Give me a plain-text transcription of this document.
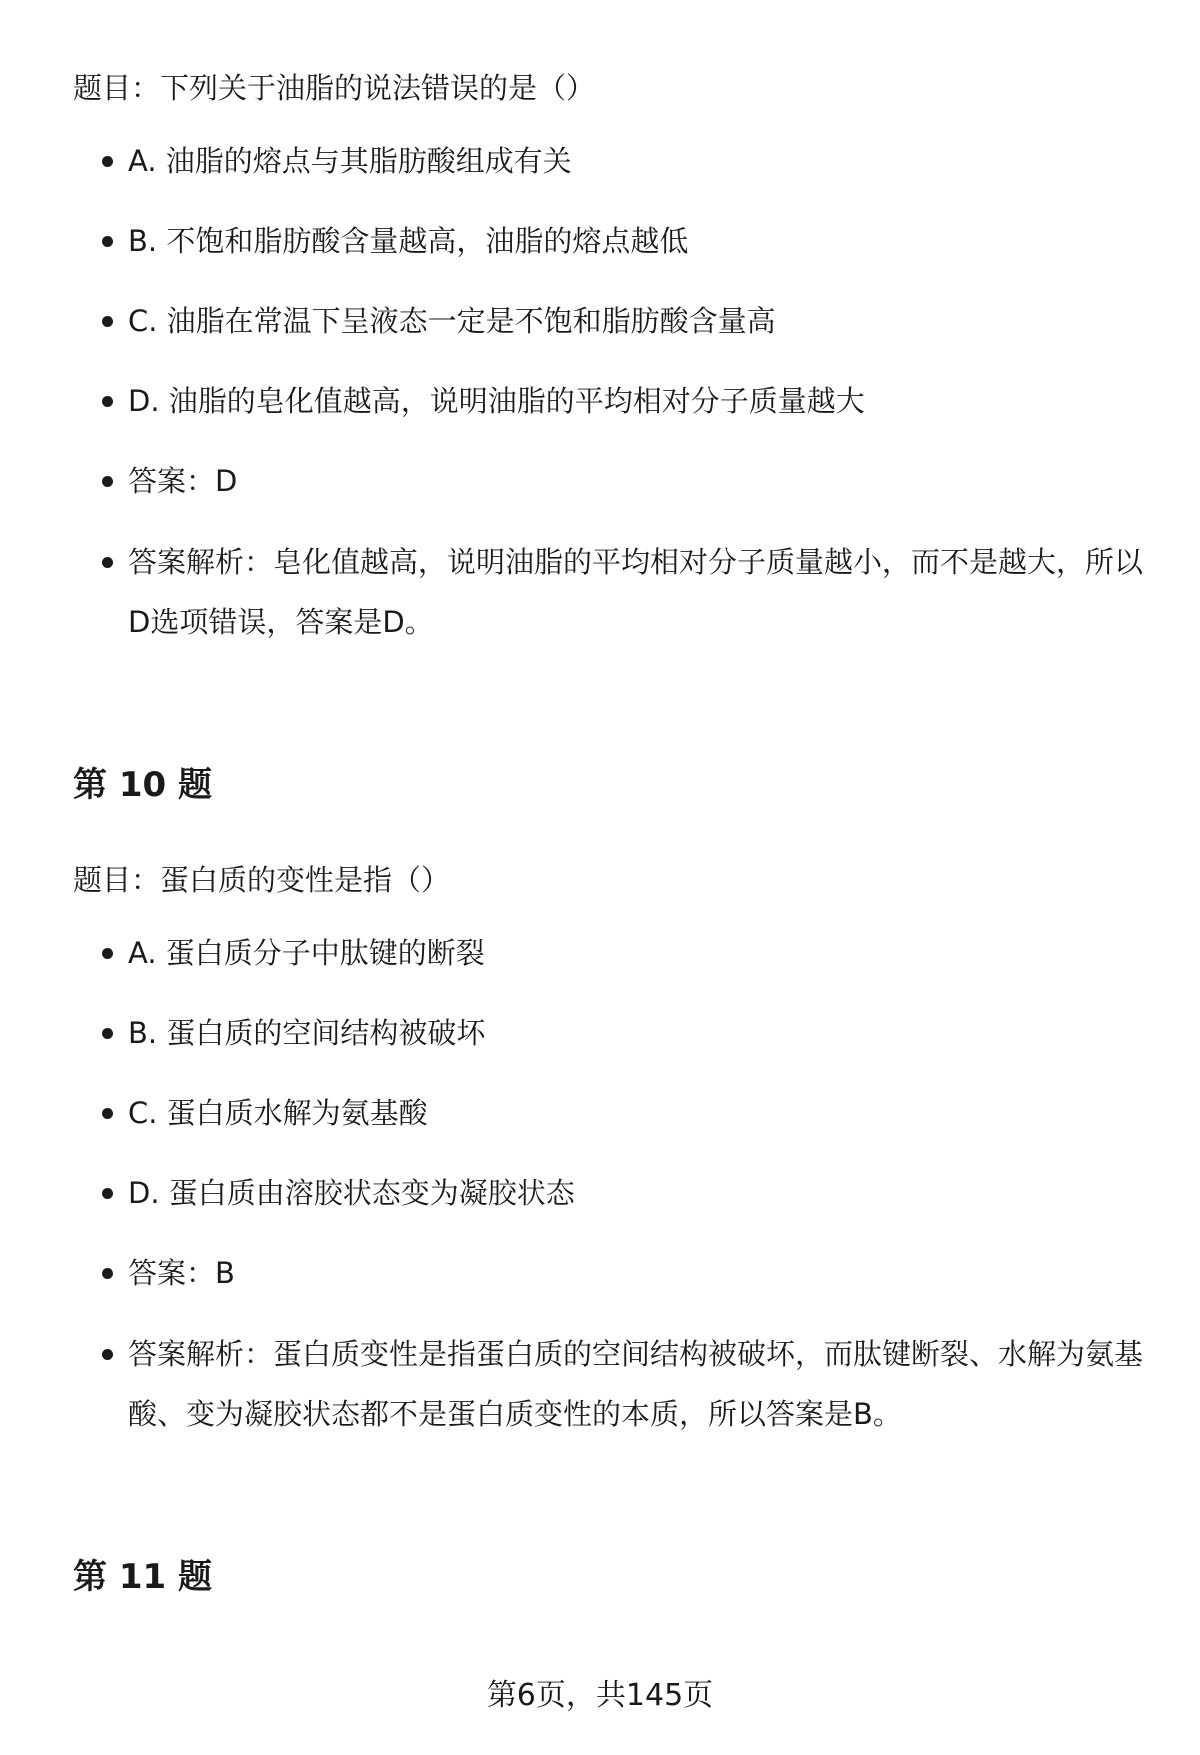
题目：下列关于油脂的说法错误的是（）

A. 油脂的熔点与其脂肪酸组成有关
B. 不饱和脂肪酸含量越高，油脂的熔点越低
C. 油脂在常温下呈液态一定是不饱和脂肪酸含量高
D. 油脂的皂化值越高，说明油脂的平均相对分子质量越大
答案：D
答案解析：皂化值越高，说明油脂的平均相对分子质量越小，而不是越大，所以D选项错误，答案是D。
第 10 题

题目：蛋白质的变性是指（）

A. 蛋白质分子中肽键的断裂
B. 蛋白质的空间结构被破坏
C. 蛋白质水解为氨基酸
D. 蛋白质由溶胶状态变为凝胶状态
答案：B
答案解析：蛋白质变性是指蛋白质的空间结构被破坏，而肽键断裂、水解为氨基酸、变为凝胶状态都不是蛋白质变性的本质，所以答案是B。
第 11 题
第6页，共145页
